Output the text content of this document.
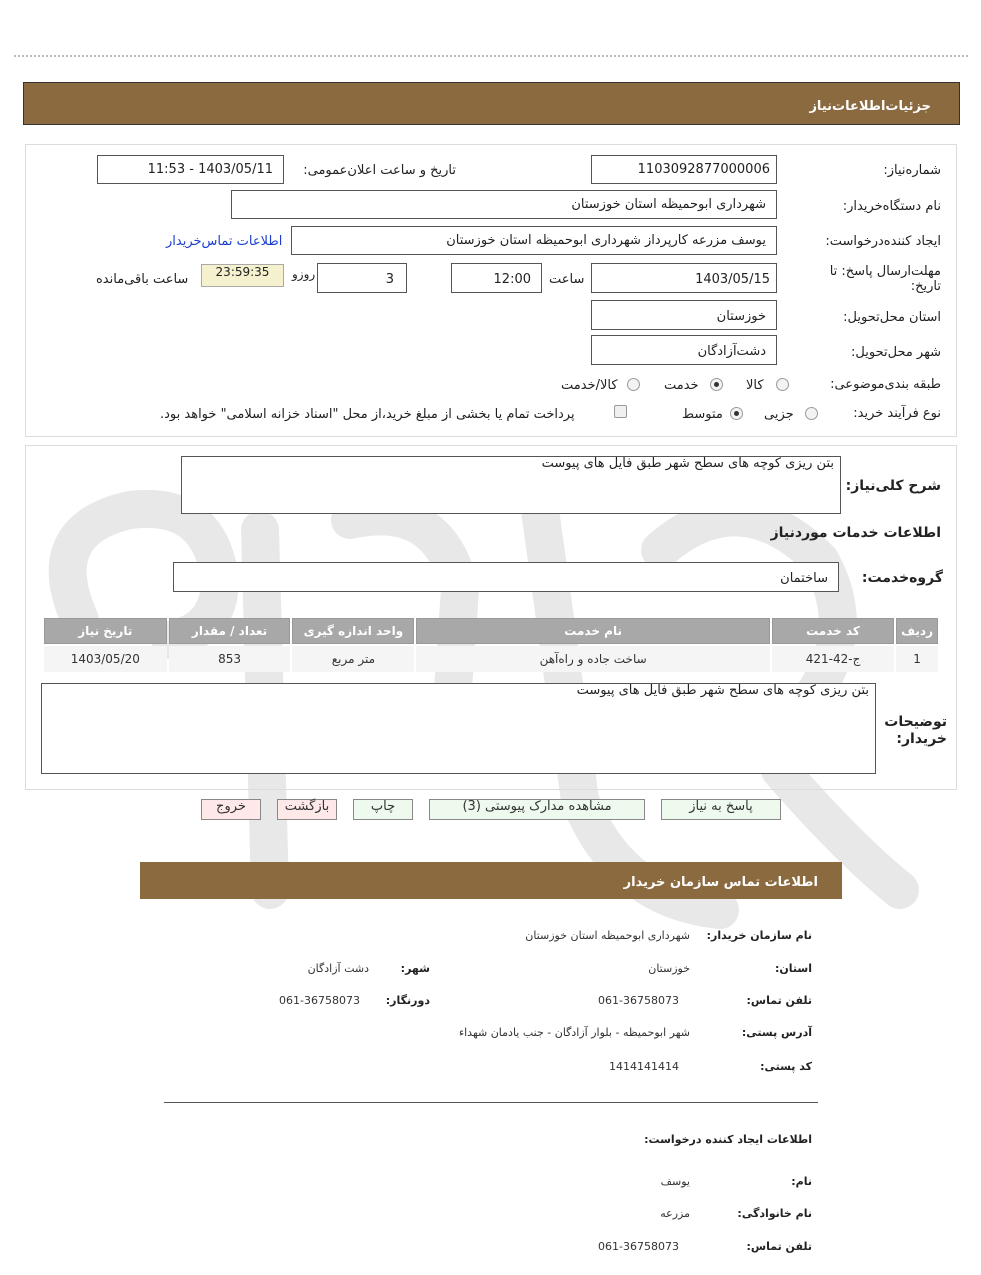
جزئیات‌اطلاعات‌نیاز
شماره‌نیاز:
1103092877000006
تاریخ و ساعت اعلان‌عمومی:
1403/05/11 - 11:53
نام دستگاه‌خریدار:
شهرداری ابوحمیظه استان خوزستان
ایجاد کننده‌درخواست:
یوسف مزرعه کارپرداز شهرداری ابوحمیظه استان خوزستان
اطلاعات تماس‌خریدار
مهلت‌ارسال پاسخ: تا تاریخ:
1403/05/15
ساعت
12:00
3
روزو
23:59:35
ساعت باقی‌مانده
استان محل‌تحویل:
خوزستان
شهر محل‌تحویل:
دشت‌آزادگان
طبقه بندی‌موضوعی:
کالا
خدمت
کالا/خدمت
نوع فرآیند خرید:
جزیی
متوسط
پرداخت تمام یا بخشی از مبلغ خرید،از محل "اسناد خزانه اسلامی" خواهد بود.
شرح کلی‌نیاز:
بتن ریزی کوچه های سطح شهر طبق فایل های پیوست
اطلاعات خدمات موردنیاز
گروه‌خدمت:
ساختمان
ردیف	کد خدمت	نام خدمت	واحد اندازه گیری	تعداد / مقدار	تاریخ نیاز
1	ج-42-421	ساخت جاده و راه‌آهن	متر مربع	853	1403/05/20
توضیحات خریدار:
بتن ریزی کوچه های سطح شهر طبق فایل های پیوست
پاسخ به نیاز
مشاهده مدارک پیوستی (3)
چاپ
بازگشت
خروج
اطلاعات تماس سازمان خریدار
نام سازمان خریدار:
شهرداری ابوحمیظه استان خوزستان
استان:
خوزستان
شهر:
دشت آزادگان
تلفن تماس:
061-36758073
دورنگار:
061-36758073
آدرس پستی:
شهر ابوحمیظه - بلوار آزادگان - جنب یادمان شهداء
کد پستی:
1414141414
اطلاعات ایجاد کننده درخواست:
نام:
یوسف
نام خانوادگی:
مزرعه
تلفن تماس:
061-36758073
